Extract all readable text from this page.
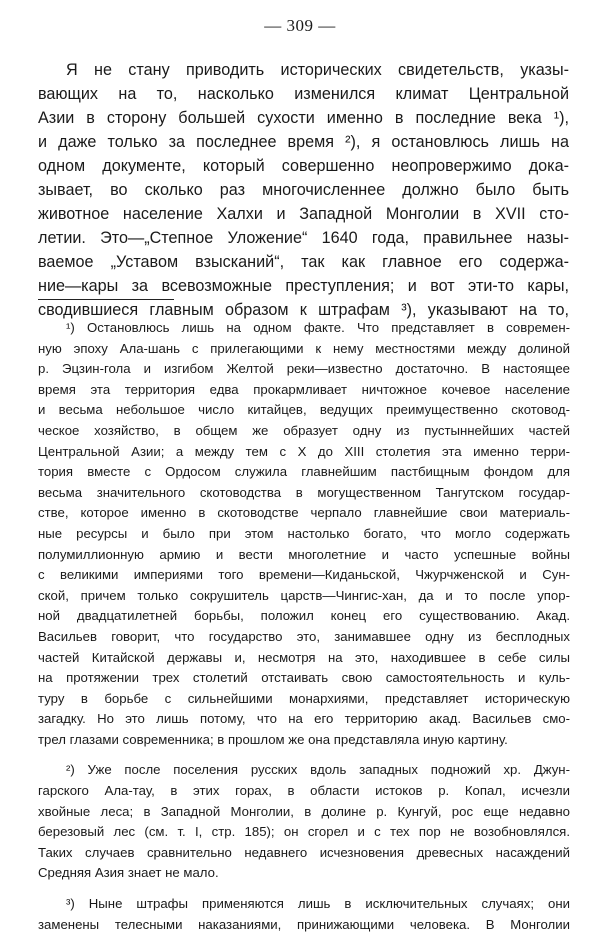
— 309 —
Я не стану приводить исторических свидетельств, указы-
вающих на то, насколько изменился климат Центральной
Азии в сторону большей сухости именно в последние века ¹),
и даже только за последнее время ²), я остановлюсь лишь на
одном документе, который совершенно неопровержимо дока-
зывает, во сколько раз многочисленнее должно было быть
животное население Халхи и Западной Монголии в XVII сто-
летии. Это—„Степное Уложение“ 1640 года, правильнее назы-
ваемое „Уставом взысканий“, так как главное его содержа-
ние—кары за всевозможные преступления; и вот эти-то кары,
сводившиеся главным образом к штрафам ³), указывают на то,
¹) Остановлюсь лишь на одном факте. Что представляет в современ-
ную эпоху Ала-шань с прилегающими к нему местностями между долиной
р. Эцзин-гола и изгибом Желтой реки—известно достаточно. В настоящее
время эта территория едва прокармливает ничтожное кочевое население
и весьма небольшое число китайцев, ведущих преимущественно скотовод-
ческое хозяйство, в общем же образует одну из пустыннейших частей
Центральной Азии; а между тем с X до XIII столетия эта именно терри-
тория вместе с Ордосом служила главнейшим пастбищным фондом для
весьма значительного скотоводства в могущественном Тангутском государ-
стве, которое именно в скотоводстве черпало главнейшие свои материаль-
ные ресурсы и было при этом настолько богато, что могло содержать
полумиллионную армию и вести многолетние и часто успешные войны
с великими империями того времени—Киданьской, Чжурчженской и Сун-
ской, причем только сокрушитель царств—Чингис-хан, да и то после упор-
ной двадцатилетней борьбы, положил конец его существованию. Акад.
Васильев говорит, что государство это, занимавшее одну из бесплодных
частей Китайской державы и, несмотря на это, находившее в себе силы
на протяжении трех столетий отстаивать свою самостоятельность и куль-
туру в борьбе с сильнейшими монархиями, представляет историческую
загадку. Но это лишь потому, что на его территорию акад. Васильев смо-
трел глазами современника; в прошлом же она представляла иную картину.
²) Уже после поселения русских вдоль западных подножий хр. Джун-
гарского Ала-тау, в этих горах, в области истоков р. Копал, исчезли
хвойные леса; в Западной Монголии, в долине р. Кунгуй, рос еще недавно
березовый лес (см. т. I, стр. 185); он сгорел и с тех пор не возобновлялся.
Таких случаев сравнительно недавнего исчезновения древесных насаждений
Средняя Азия знает не мало.
³) Ныне штрафы применяются лишь в исключительных случаях; они
заменены телесными наказаниями, принижающими человека. В Монголии
